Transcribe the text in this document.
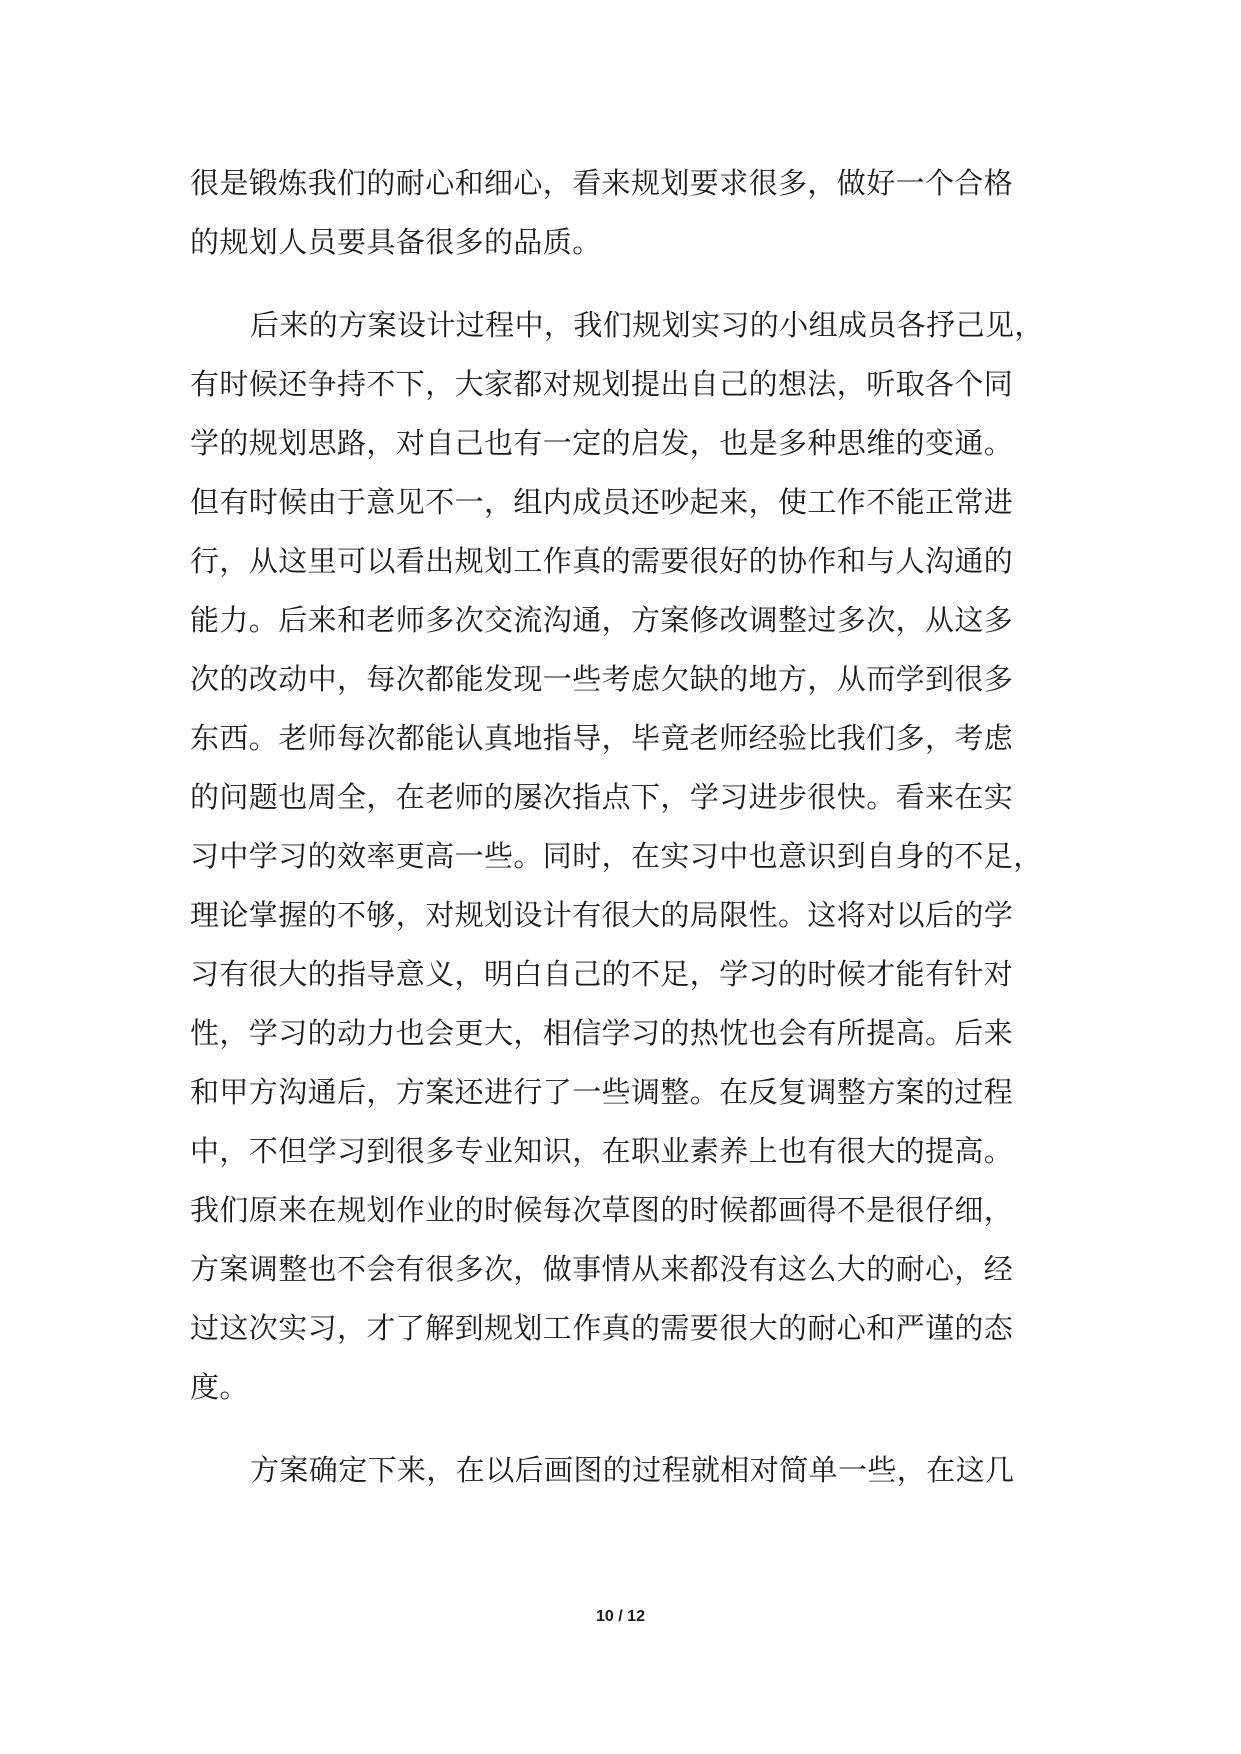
很是锻炼我们的耐心和细心，看来规划要求很多，做好一个合格
的规划人员要具备很多的品质。
后来的方案设计过程中，我们规划实习的小组成员各抒己见，
有时候还争持不下，大家都对规划提出自己的想法，听取各个同
学的规划思路，对自己也有一定的启发，也是多种思维的变通。
但有时候由于意见不一，组内成员还吵起来，使工作不能正常进
行，从这里可以看出规划工作真的需要很好的协作和与人沟通的
能力。后来和老师多次交流沟通，方案修改调整过多次，从这多
次的改动中，每次都能发现一些考虑欠缺的地方，从而学到很多
东西。老师每次都能认真地指导，毕竟老师经验比我们多，考虑
的问题也周全，在老师的屡次指点下，学习进步很快。看来在实
习中学习的效率更高一些。同时，在实习中也意识到自身的不足，
理论掌握的不够，对规划设计有很大的局限性。这将对以后的学
习有很大的指导意义，明白自己的不足，学习的时候才能有针对
性，学习的动力也会更大，相信学习的热忱也会有所提高。后来
和甲方沟通后，方案还进行了一些调整。在反复调整方案的过程
中，不但学习到很多专业知识，在职业素养上也有很大的提高。
我们原来在规划作业的时候每次草图的时候都画得不是很仔细，
方案调整也不会有很多次，做事情从来都没有这么大的耐心，经
过这次实习，才了解到规划工作真的需要很大的耐心和严谨的态
度。
方案确定下来，在以后画图的过程就相对简单一些，在这几
10 / 12
